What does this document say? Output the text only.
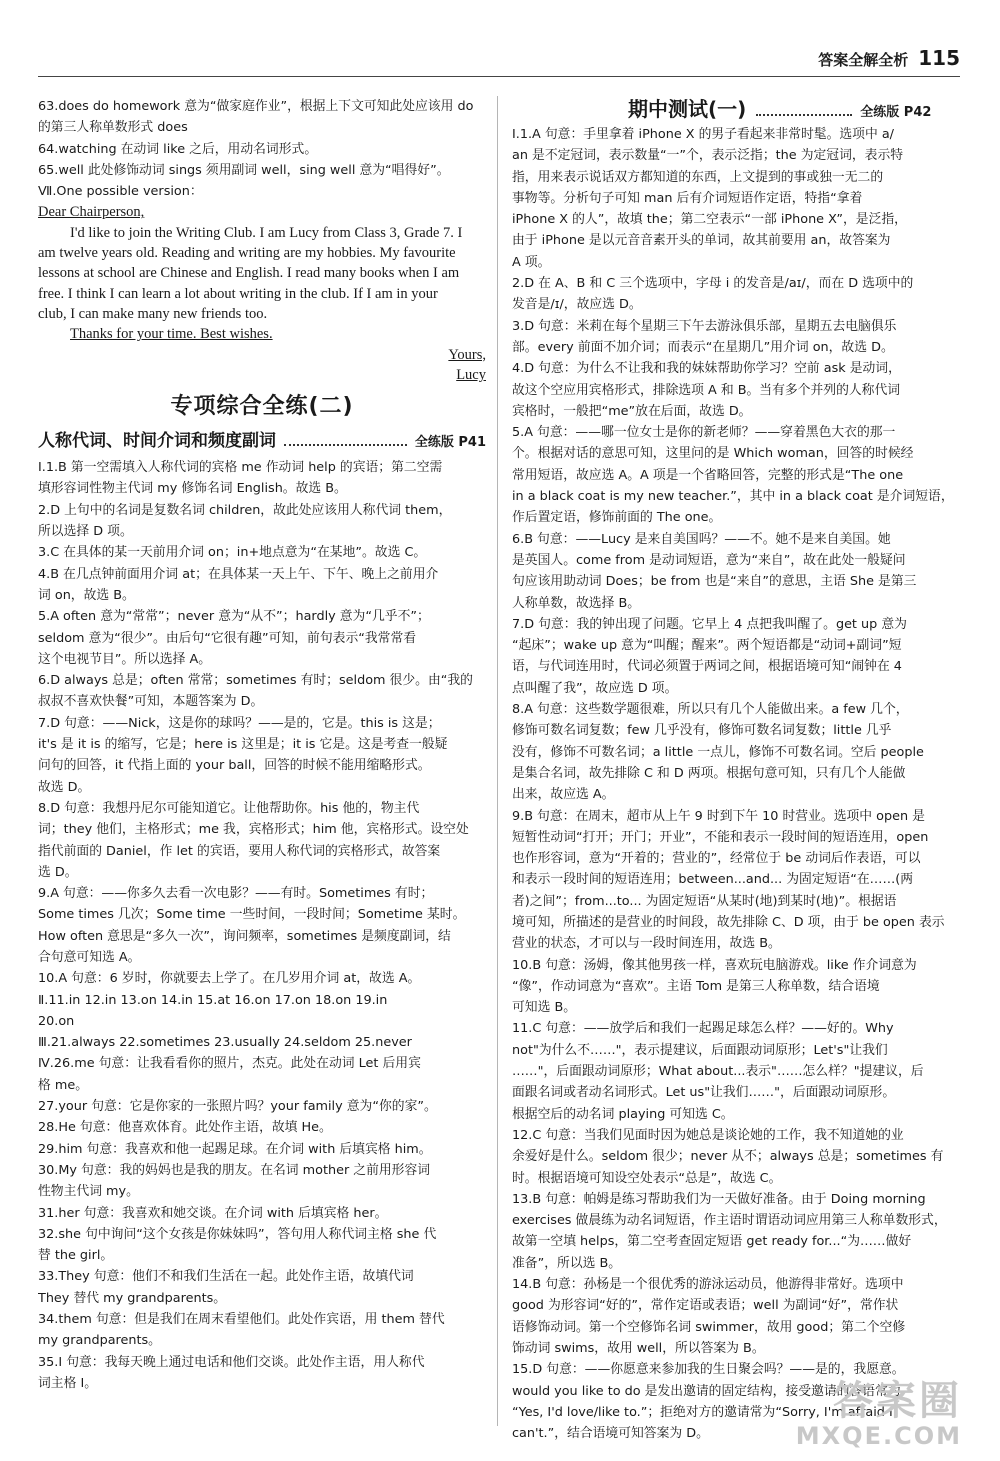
答案全解全析 115

63.does do homework 意为“做家庭作业”，根据上下文可知此处应该用 do

的第三人称单数形式 does

64.watching 在动词 like 之后，用动名词形式。

65.well 此处修饰动词 sings 须用副词 well，sing well 意为“唱得好”。

Ⅶ.One possible version：

Dear Chairperson,

I'd like to join the Writing Club. I am Lucy from Class 3, Grade 7. I

am twelve years old. Reading and writing are my hobbies. My favourite

lessons at school are Chinese and English. I read many books when I am

free. I think I can learn a lot about writing in the club. If I am in your

club, I can make many new friends too.

Thanks for your time. Best wishes.

Yours,

Lucy

专项综合全练(二)
人称代词、时间介词和频度副词	全练版 P41

Ⅰ.1.B 第一空需填入人称代词的宾格 me 作动词 help 的宾语；第二空需

填形容词性物主代词 my 修饰名词 English。故选 B。

2.D 上句中的名词是复数名词 children，故此处应该用人称代词 them，

所以选择 D 项。

3.C 在具体的某一天前用介词 on；in+地点意为“在某地”。故选 C。

4.B 在几点钟前面用介词 at；在具体某一天上午、下午、晚上之前用介

词 on，故选 B。

5.A often 意为“常常”；never 意为“从不”；hardly 意为“几乎不”；

seldom 意为“很少”。由后句“它很有趣”可知，前句表示“我常常看

这个电视节目”。所以选择 A。

6.D always 总是；often 常常；sometimes 有时；seldom 很少。由“我的

叔叔不喜欢快餐”可知，本题答案为 D。

7.D 句意：——Nick，这是你的球吗？——是的，它是。this is 这是；

it's 是 it is 的缩写，它是；here is 这里是；it is 它是。这是考查一般疑

问句的回答，it 代指上面的 your ball，回答的时候不能用缩略形式。

故选 D。

8.D 句意：我想丹尼尔可能知道它。让他帮助你。his 他的，物主代

词；they 他们，主格形式；me 我，宾格形式；him 他，宾格形式。设空处

指代前面的 Daniel，作 let 的宾语，要用人称代词的宾格形式，故答案

选 D。

9.A 句意：——你多久去看一次电影？——有时。Sometimes 有时；

Some times 几次；Some time 一些时间，一段时间；Sometime 某时。

How often 意思是“多久一次”，询问频率，sometimes 是频度副词，结

合句意可知选 A。

10.A 句意：6 岁时，你就要去上学了。在几岁用介词 at，故选 A。

Ⅱ.11.in 12.in 13.on 14.in 15.at 16.on 17.on 18.on 19.in

20.on

Ⅲ.21.always 22.sometimes 23.usually 24.seldom 25.never

Ⅳ.26.me 句意：让我看看你的照片，杰克。此处在动词 Let 后用宾

格 me。

27.your 句意：它是你家的一张照片吗？your family 意为“你的家”。

28.He 句意：他喜欢体育。此处作主语，故填 He。

29.him 句意：我喜欢和他一起踢足球。在介词 with 后填宾格 him。

30.My 句意：我的妈妈也是我的朋友。在名词 mother 之前用形容词

性物主代词 my。

31.her 句意：我喜欢和她交谈。在介词 with 后填宾格 her。

32.she 句中询问“这个女孩是你妹妹吗”，答句用人称代词主格 she 代

替 the girl。

33.They 句意：他们不和我们生活在一起。此处作主语，故填代词

They 替代 my grandparents。

34.them 句意：但是我们在周末看望他们。此处作宾语，用 them 替代

my grandparents。

35.I 句意：我每天晚上通过电话和他们交谈。此处作主语，用人称代

词主格 I。

期中测试(一)	全练版 P42

Ⅰ.1.A 句意：手里拿着 iPhone X 的男子看起来非常时髦。选项中 a/

an 是不定冠词，表示数量“一”个，表示泛指；the 为定冠词，表示特

指，用来表示说话双方都知道的东西，上文提到的事或独一无二的

事物等。分析句子可知 man 后有介词短语作定语，特指“拿着

iPhone X 的人”，故填 the；第二空表示“一部 iPhone X”，是泛指，

由于 iPhone 是以元音音素开头的单词，故其前要用 an，故答案为

A 项。

2.D 在 A、B 和 C 三个选项中，字母 i 的发音是/aɪ/，而在 D 选项中的

发音是/ɪ/，故应选 D。

3.D 句意：米莉在每个星期三下午去游泳俱乐部，星期五去电脑俱乐

部。every 前面不加介词；而表示“在星期几”用介词 on，故选 D。

4.D 句意：为什么不让我和我的妹妹帮助你学习？空前 ask 是动词，

故这个空应用宾格形式，排除选项 A 和 B。当有多个并列的人称代词

宾格时，一般把“me”放在后面，故选 D。

5.A 句意：——哪一位女士是你的新老师？——穿着黑色大衣的那一

个。根据对话的意思可知，这里问的是 Which woman，回答的时候经

常用短语，故应选 A。A 项是一个省略回答，完整的形式是“The one

in a black coat is my new teacher.”，其中 in a black coat 是介词短语，

作后置定语，修饰前面的 The one。

6.B 句意：——Lucy 是来自美国吗？——不。她不是来自美国。她

是英国人。come from 是动词短语，意为“来自”，故在此处一般疑问

句应该用助动词 Does；be from 也是“来自”的意思，主语 She 是第三

人称单数，故选择 B。

7.D 句意：我的钟出现了问题。它早上 4 点把我叫醒了。get up 意为

“起床”；wake up 意为“叫醒；醒来”。两个短语都是“动词+副词”短

语，与代词连用时，代词必须置于两词之间，根据语境可知“闹钟在 4

点叫醒了我”，故应选 D 项。

8.A 句意：这些数学题很难，所以只有几个人能做出来。a few 几个，

修饰可数名词复数；few 几乎没有，修饰可数名词复数；little 几乎

没有，修饰不可数名词；a little 一点儿，修饰不可数名词。空后 people

是集合名词，故先排除 C 和 D 两项。根据句意可知，只有几个人能做

出来，故应选 A。

9.B 句意：在周末，超市从上午 9 时到下午 10 时营业。选项中 open 是

短暂性动词“打开；开门；开业”，不能和表示一段时间的短语连用，open

也作形容词，意为“开着的；营业的”，经常位于 be 动词后作表语，可以

和表示一段时间的短语连用；between...and... 为固定短语“在……(两

者)之间”；from...to... 为固定短语“从某时(地)到某时(地)”。根据语

境可知，所描述的是营业的时间段，故先排除 C、D 项，由于 be open 表示

营业的状态，才可以与一段时间连用，故选 B。

10.B 句意：汤姆，像其他男孩一样，喜欢玩电脑游戏。like 作介词意为

“像”，作动词意为“喜欢”。主语 Tom 是第三人称单数，结合语境

可知选 B。

11.C 句意：——放学后和我们一起踢足球怎么样？——好的。Why

not"为什么不……"，表示提建议，后面跟动词原形；Let's"让我们

……"，后面跟动词原形；What about...表示"……怎么样？"提建议，后

面跟名词或者动名词形式。Let us"让我们……"，后面跟动词原形。

根据空后的动名词 playing 可知选 C。

12.C 句意：当我们见面时因为她总是谈论她的工作，我不知道她的业

余爱好是什么。seldom 很少；never 从不；always 总是；sometimes 有

时。根据语境可知设空处表示“总是”，故选 C。

13.B 句意：帕姆是练习帮助我们为一天做好准备。由于 Doing morning

exercises 做晨练为动名词短语，作主语时谓语动词应用第三人称单数形式，

故第一空填 helps，第二空考查固定短语 get ready for...“为……做好

准备”，所以选 B。

14.B 句意：孙杨是一个很优秀的游泳运动员，他游得非常好。选项中

good 为形容词“好的”，常作定语或表语；well 为副词“好”，常作状

语修饰动词。第一个空修饰名词 swimmer，故用 good；第二个空修

饰动词 swims，故用 well，所以答案为 B。

15.D 句意：——你愿意来参加我的生日聚会吗？——是的，我愿意。

would you like to do 是发出邀请的固定结构，接受邀请的答语常为

“Yes, I'd love/like to.”；拒绝对方的邀请常为“Sorry, I'm afraid I

can't.”，结合语境可知答案为 D。

答案圈
MXQE.COM
